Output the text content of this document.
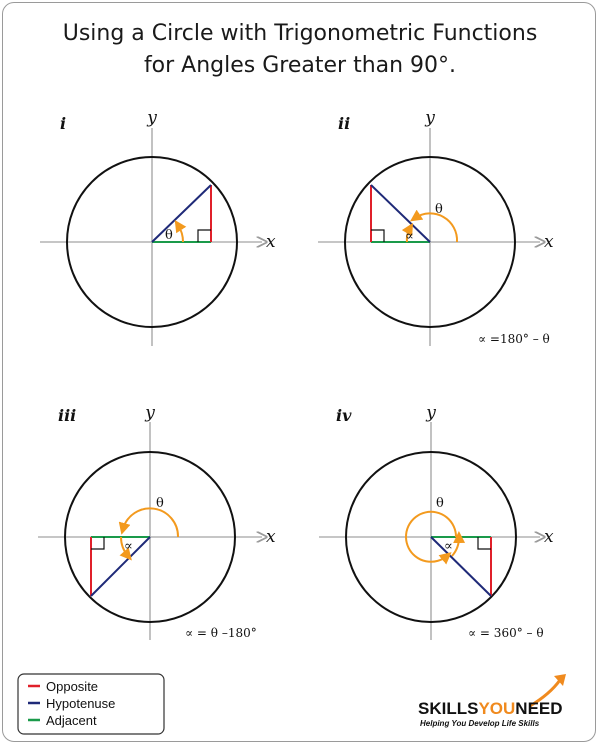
Using a Circle with Trigonometric Functions
for Angles Greater than 90°.
i	y
x
θ
ii	y
x
θ
∝
∝ =180° – θ
iii	y
x
θ
∝
∝ = θ –180°
iv	y
x
θ
∝
∝ = 360° – θ
Opposite
Hypotenuse
Adjacent
SKILLSYOUNEED
Helping You Develop Life Skills
